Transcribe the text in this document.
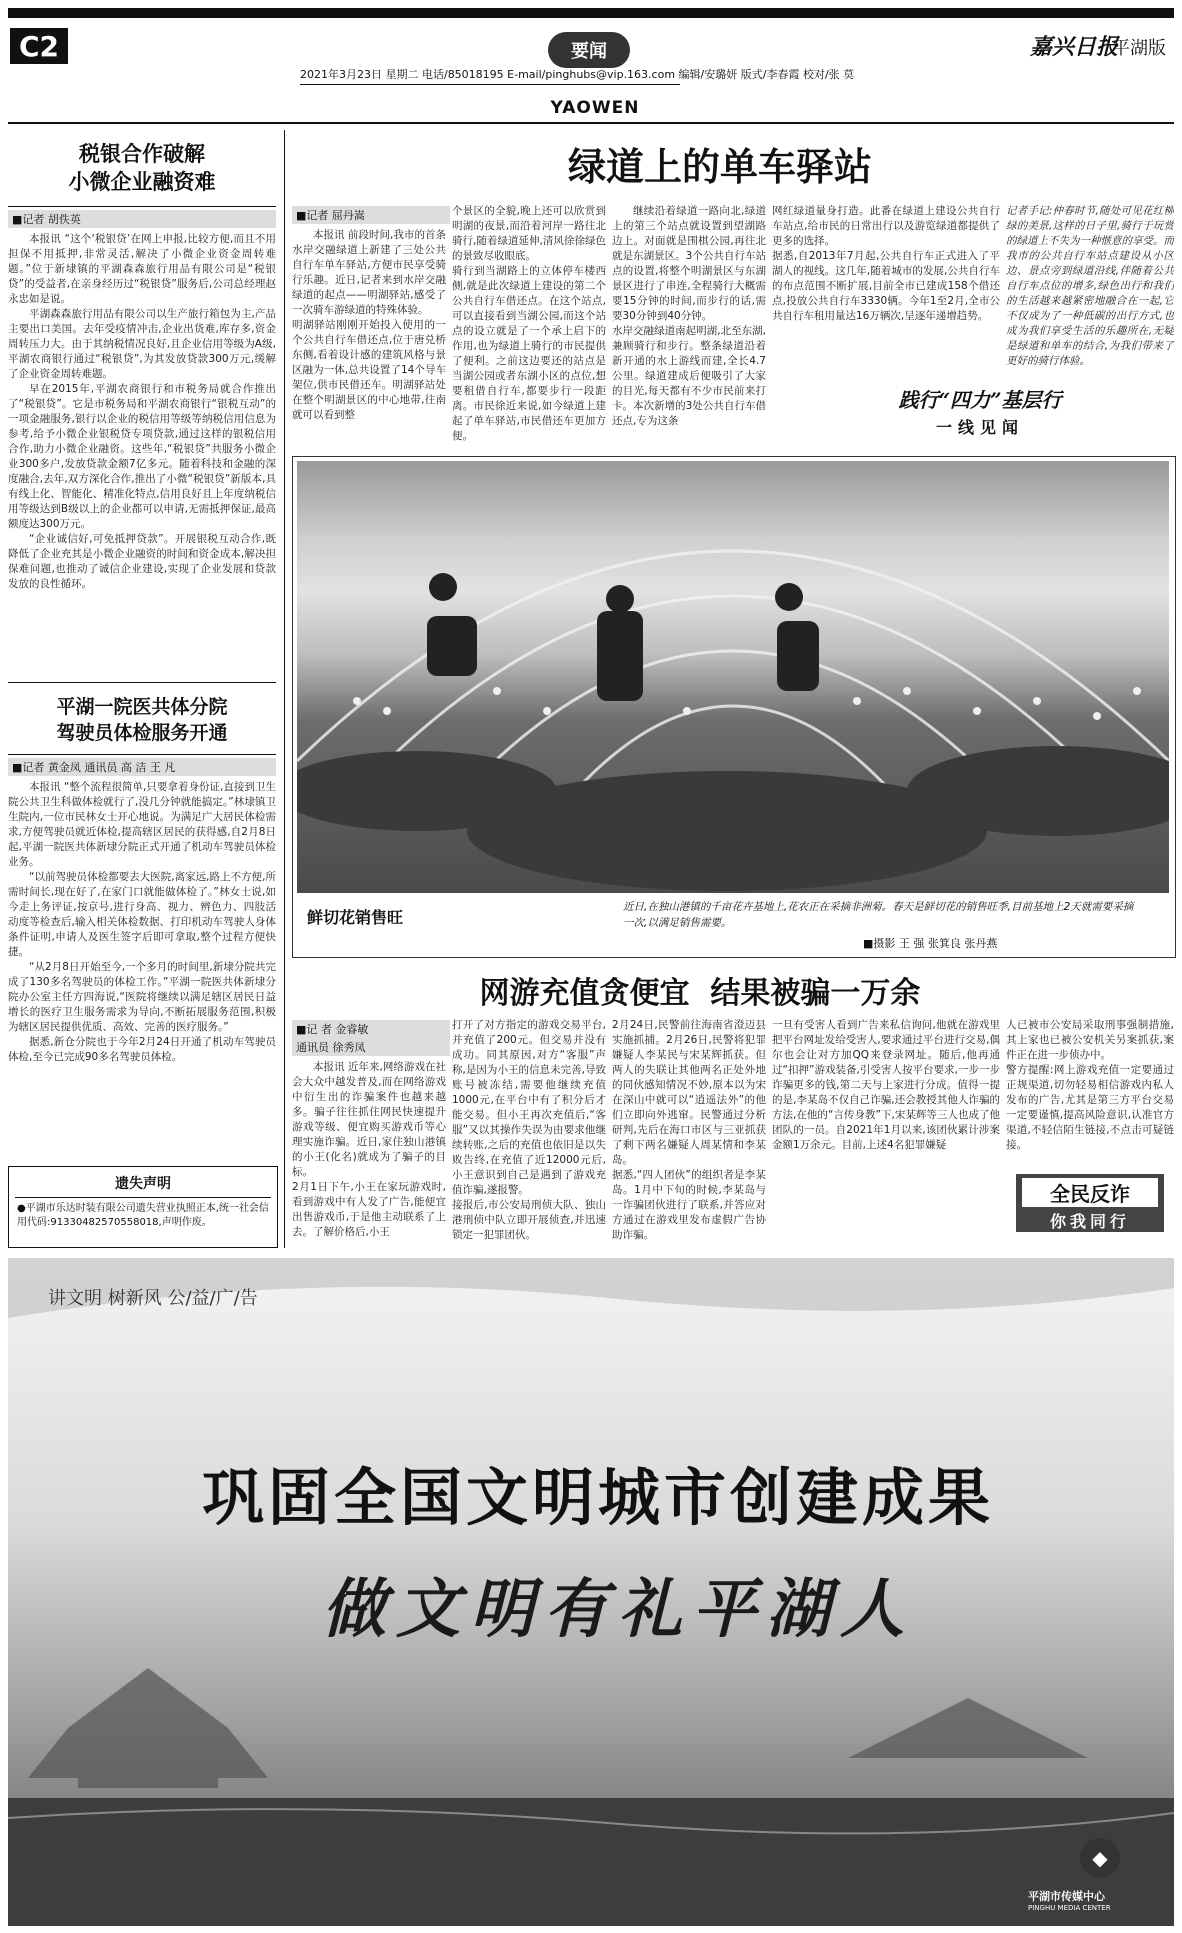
C2	要闻
2021年3月23日 星期二 电话/85018195 E-mail/pinghubs@vip.163.com 编辑/安璐妍 版式/李春霞 校对/张 莫
YAOWEN
嘉兴日报
平湖版
税银合作破解
小微企业融资难
■记者 胡佚英

本报讯 “这个‘税银贷’在网上申报,比较方便,而且不用担保不用抵押,非常灵活,解决了小微企业资金周转难题。”位于新埭镇的平湖森森旅行用品有限公司是“税银贷”的受益者,在亲身经历过“税银贷”服务后,公司总经理赵永忠如是说。

平湖森森旅行用品有限公司以生产旅行箱包为主,产品主要出口美国。去年受疫情冲击,企业出货难,库存多,资金周转压力大。由于其纳税情况良好,且企业信用等级为A级,平湖农商银行通过“税银贷”,为其发放贷款300万元,缓解了企业资金周转难题。

早在2015年,平湖农商银行和市税务局就合作推出了“税银贷”。它是市税务局和平湖农商银行“银税互动”的一项金融服务,银行以企业的税信用等级等纳税信用信息为参考,给予小微企业银税贷专项贷款,通过这样的银税信用合作,助力小微企业融资。这些年,“税银贷”共服务小微企业300多户,发放贷款金额7亿多元。随着科技和金融的深度融合,去年,双方深化合作,推出了小微“税银贷”新版本,具有线上化、智能化、精准化特点,信用良好且上年度纳税信用等级达到B级以上的企业都可以申请,无需抵押保证,最高额度达300万元。

“企业诚信好,可免抵押贷款”。开展银税互动合作,既降低了企业充其是小微企业融资的时间和资金成本,解决担保难问题,也推动了诚信企业建设,实现了企业发展和贷款发放的良性循环。

平湖一院医共体分院
驾驶员体检服务开通
■记者 黄金凤 通讯员 高 洁 王 凡

本报讯 “整个流程很简单,只要拿着身份证,直接到卫生院公共卫生科做体检就行了,没几分钟就能搞定。”林埭镇卫生院内,一位市民林女士开心地说。为满足广大居民体检需求,方便驾驶员就近体检,提高辖区居民的获得感,自2月8日起,平湖一院医共体新埭分院正式开通了机动车驾驶员体检业务。

“以前驾驶员体检都要去大医院,离家远,路上不方便,所需时间长,现在好了,在家门口就能做体检了。”林女士说,如今走上务评证,按京号,进行身高、视力、辨色力、四肢活动度等检查后,输入相关体检数据、打印机动车驾驶人身体条件证明,申请人及医生签字后即可拿取,整个过程方便快捷。

“从2月8日开始至今,一个多月的时间里,新埭分院共完成了130多名驾驶员的体检工作。”平湖一院医共体新埭分院办公室主任方四海说,“医院将继续以满足辖区居民日益增长的医疗卫生服务需求为导向,不断拓展服务范围,积极为辖区居民提供优质、高效、完善的医疗服务。”

据悉,新仓分院也于今年2月24日开通了机动车驾驶员体检,至今已完成90多名驾驶员体检。

遗失声明
●平湖市乐达时装有限公司遗失营业执照正本,统一社会信用代码:91330482570558018,声明作废。
绿道上的单车驿站
■记者 屈丹嵩
本报讯 前段时间,我市的首条水岸交融绿道上新建了三处公共自行车单车驿站,方便市民享受骑行乐趣。近日,记者来到水岸交融绿道的起点——明湖驿站,感受了一次骑车游绿道的特殊体验。
明湖驿站刚刚开始投入使用的一个公共自行车借还点,位于唐兑桥东侧,看着设计感的建筑风格与景区融为一体,总共设置了14个导车架位,供市民借还车。明湖驿站处在整个明湖景区的中心地带,往南就可以看到整
个景区的全貌,晚上还可以欣赏到明湖的夜景,而沿着河岸一路往北骑行,随着绿道延伸,清风徐徐绿色的景致尽收眼底。
骑行到当湖路上的立体停车楼西侧,就是此次绿道上建设的第二个公共自行车借还点。在这个站点,可以直接看到当湖公园,而这个站点的设立就是了一个承上启下的作用,也为绿道上骑行的市民提供了便利。之前这边要还的站点是当湖公园或者东湖小区的点位,想要租借自行车,都要步行一段距离。市民徐近来说,如今绿道上建起了单车驿站,市民借还车更加方便。
继续沿着绿道一路向北,绿道上的第三个站点就设置到望湖路边上。对面就是围棋公园,再往北就是东湖景区。3个公共自行车站点的设置,将整个明湖景区与东湖景区进行了串连,全程骑行大概需要15分钟的时间,而步行的话,需要30分钟到40分钟。
水岸交融绿道南起明湖,北至东湖,兼顾骑行和步行。整条绿道沿着新开通的水上游线而建,全长4.7公里。绿道建成后便吸引了大家的目光,每天都有不少市民前来打卡。本次新增的3处公共自行车借还点,专为这条
网红绿道量身打造。此番在绿道上建设公共自行车站点,给市民的日常出行以及游览绿道都提供了更多的选择。
据悉,自2013年7月起,公共自行车正式进入了平湖人的视线。这几年,随着城市的发展,公共自行车的布点范围不断扩展,目前全市已建成158个借还点,投放公共自行车3330辆。今年1至2月,全市公共自行车租用量达16万辆次,呈逐年递增趋势。
记者手记:仲春时节,随处可见花红柳绿的美景,这样的日子里,骑行于玩赏的绿道上不失为一种惬意的享受。而我市的公共自行车站点建设从小区边、景点旁到绿道沿线,伴随着公共自行车点位的增多,绿色出行和我们的生活越来越紧密地融合在一起,它不仅成为了一种低碳的出行方式,也成为我们享受生活的乐趣所在,无疑是绿道和单车的结合,为我们带来了更好的骑行体验。
践行“四力”基层行
一线见闻
鲜切花销售旺
近日,在独山港镇的千亩花卉基地上,花农正在采摘非洲菊。春天是鲜切花的销售旺季,目前基地上2天就需要采摘一次,以满足销售需要。
■摄影 王 强 张箕良 张丹燕
网游充值贪便宜  结果被骗一万余
■记 者 金睿敏
通讯员 徐秀凤
本报讯 近年来,网络游戏在社会大众中越发普及,而在网络游戏中衍生出的诈骗案件也越来越多。骗子往往抓住网民快速提升游戏等级、便宜购买游戏币等心理实施诈骗。近日,家住独山港镇的小王(化名)就成为了骗子的目标。
2月1日下午,小王在家玩游戏时,看到游戏中有人发了广告,能便宜出售游戏币,于是他主动联系了上去。了解价格后,小王
打开了对方指定的游戏交易平台,并充值了200元。但交易并没有成功。同其原因,对方“客服”声称,是因为小王的信息未完善,导致账号被冻结,需要他继续充值1000元,在平台中有了积分后才能交易。但小王再次充值后,“客服”又以其操作失误为由要求他继续转账,之后的充值也依旧是以失败告终,在充值了近12000元后,小王意识到自己是遇到了游戏充值诈骗,遂报警。
接报后,市公安局刑侦大队、独山港刑侦中队立即开展侦查,并迅速锁定一犯罪团伙。
2月24日,民警前往海南省澄迈县实施抓捕。2月26日,民警将犯罪嫌疑人李某民与宋某辉抓获。但两人的失联让其他两名正处外地的同伙感知情况不妙,原本以为宋在深山中就可以“逍遥法外”的他们立即向外逃窜。民警通过分析研判,先后在海口市区与三亚抓获了剩下两名嫌疑人周某情和李某岛。
据悉,“四人团伙”的组织者是李某岛。1月中下旬的时候,李某岛与一诈骗团伙进行了联系,并答应对方通过在游戏里发布虚假广告协助诈骗。
一旦有受害人看到广告来私信询问,他就在游戏里把平台网址发给受害人,要求通过平台进行交易,偶尔也会让对方加QQ来登录网址。随后,他再通过“扣押”游戏装备,引受害人按平台要求,一步一步诈骗更多的钱,第二天与上家进行分成。值得一提的是,李某岛不仅自己诈骗,还会教授其他人诈骗的方法,在他的“言传身教”下,宋某辉等三人也成了他团队的一员。自2021年1月以来,该团伙累计涉案金额1万余元。目前,上述4名犯罪嫌疑
人已被市公安局采取刑事强制措施,其上家也已被公安机关另案抓获,案件正在进一步侦办中。
警方提醒:网上游戏充值一定要通过正规渠道,切勿轻易相信游戏内私人发布的广告,尤其是第三方平台交易一定要谨慎,提高风险意识,认准官方渠道,不轻信陌生链接,不点击可疑链接。
全民反诈
你我同行
讲文明 树新风 公/益/广/告
巩固全国文明城市创建成果
做文明有礼平湖人
◆
平湖市传媒中心
PINGHU MEDIA CENTER
